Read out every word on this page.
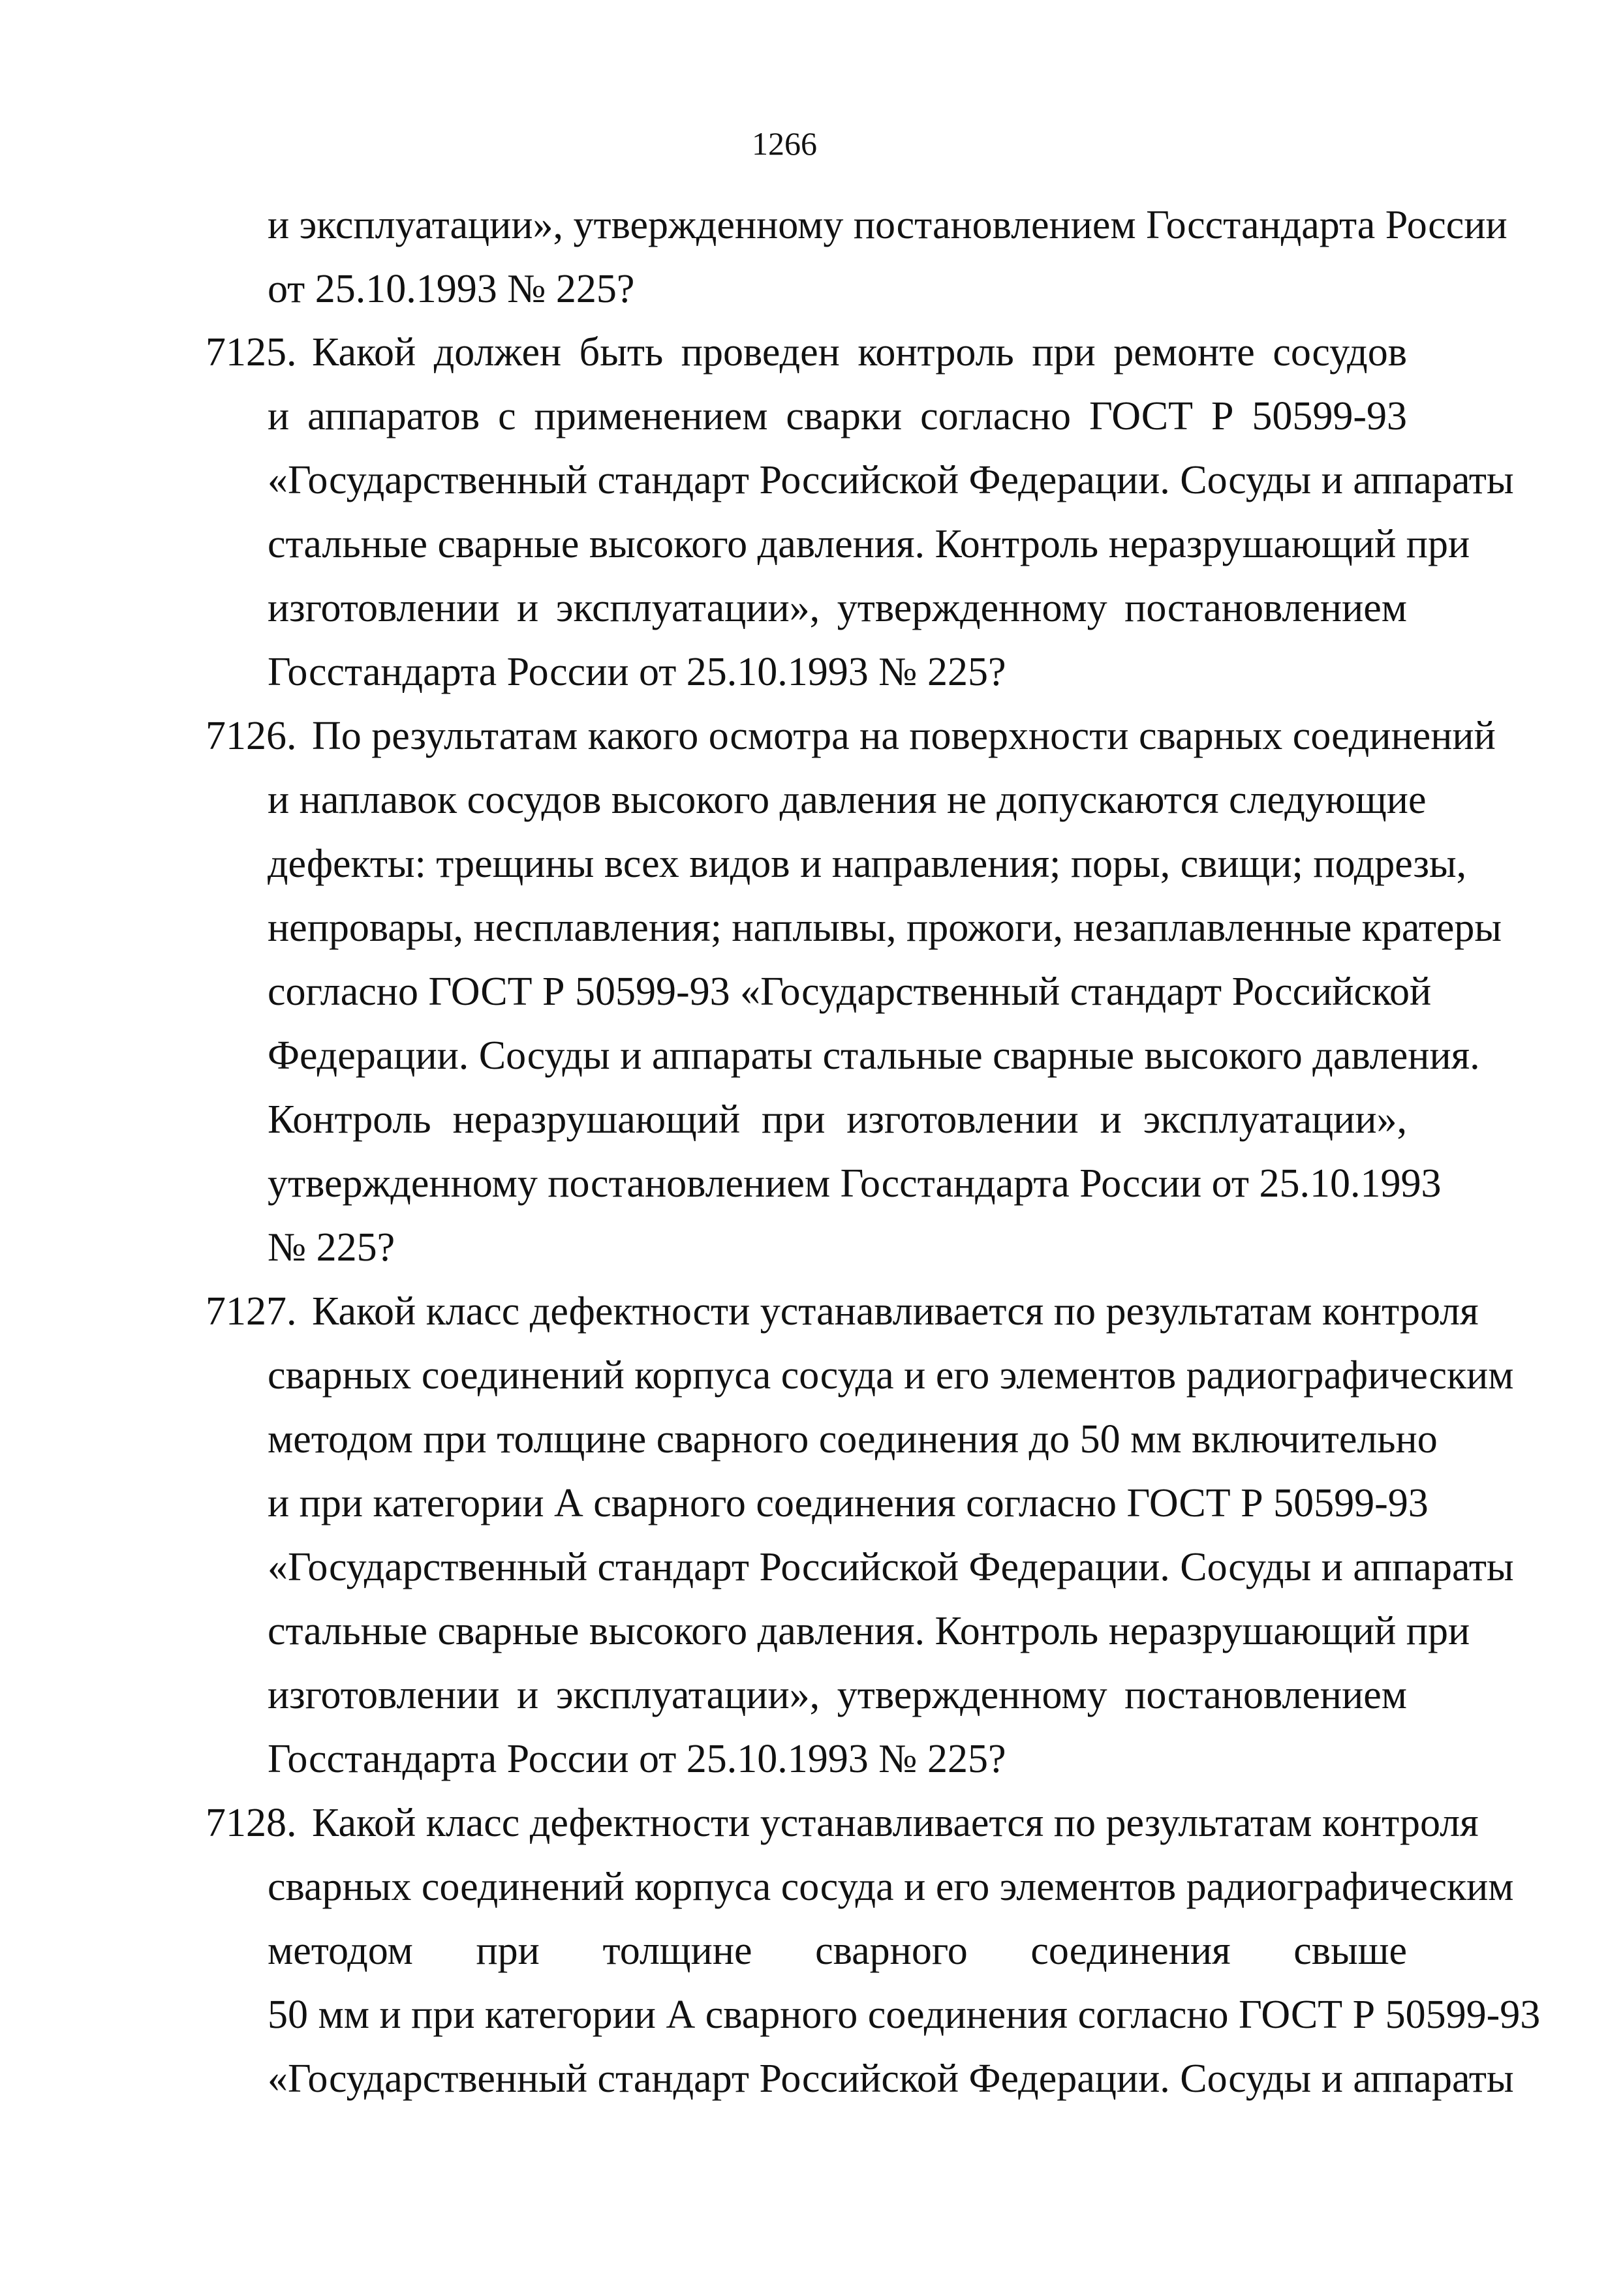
1266
и эксплуатации», утвержденному постановлением Госстандарта России
от 25.10.1993 № 225?
7125. Какой должен быть проведен контроль при ремонте сосудов
и аппаратов с применением сварки согласно ГОСТ Р 50599-93
«Государственный стандарт Российской Федерации. Сосуды и аппараты
стальные сварные высокого давления. Контроль неразрушающий при
изготовлении и эксплуатации», утвержденному постановлением
Госстандарта России от 25.10.1993 № 225?
7126. По результатам какого осмотра на поверхности сварных соединений
и наплавок сосудов высокого давления не допускаются следующие
дефекты: трещины всех видов и направления; поры, свищи; подрезы,
непровары, несплавления; наплывы, прожоги, незаплавленные кратеры
согласно ГОСТ Р 50599-93 «Государственный стандарт Российской
Федерации. Сосуды и аппараты стальные сварные высокого давления.
Контроль неразрушающий при изготовлении и эксплуатации»,
утвержденному постановлением Госстандарта России от 25.10.1993
№ 225?
7127. Какой класс дефектности устанавливается по результатам контроля
сварных соединений корпуса сосуда и его элементов радиографическим
методом при толщине сварного соединения до 50 мм включительно
и при категории А сварного соединения согласно ГОСТ Р 50599-93
«Государственный стандарт Российской Федерации. Сосуды и аппараты
стальные сварные высокого давления. Контроль неразрушающий при
изготовлении и эксплуатации», утвержденному постановлением
Госстандарта России от 25.10.1993 № 225?
7128. Какой класс дефектности устанавливается по результатам контроля
сварных соединений корпуса сосуда и его элементов радиографическим
методом при толщине сварного соединения свыше
50 мм и при категории А сварного соединения согласно ГОСТ Р 50599-93
«Государственный стандарт Российской Федерации. Сосуды и аппараты
